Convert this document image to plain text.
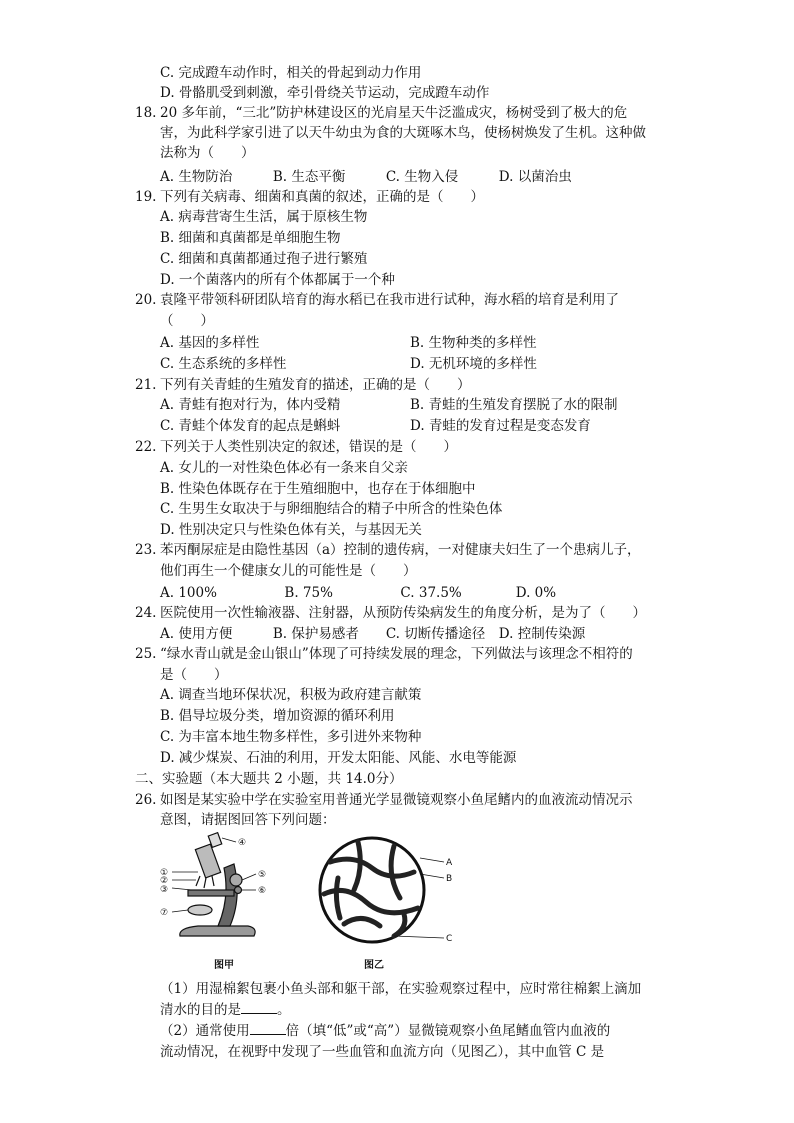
C. 完成蹬车动作时，相关的骨起到动力作用
D. 骨骼肌受到刺激，牵引骨绕关节运动，完成蹬车动作
20 多年前，“三北”防护林建设区的光肩星天牛泛滥成灾，杨树受到了极大的危
18.
害，为此科学家引进了以天牛幼虫为食的大斑啄木鸟，使杨树焕发了生机。这种做
法称为（　　）
A. 生物防治　　　B. 生态平衡　　　C. 生物入侵　　　D. 以菌治虫
下列有关病毒、细菌和真菌的叙述，正确的是（　　）
19.
A. 病毒营寄生生活，属于原核生物
B. 细菌和真菌都是单细胞生物
C. 细菌和真菌都通过孢子进行繁殖
D. 一个菌落内的所有个体都属于一个种
袁隆平带领科研团队培育的海水稻已在我市进行试种，海水稻的培育是利用了
20.
（　　）
A. 基因的多样性	B. 生物种类的多样性
C. 生态系统的多样性	D. 无机环境的多样性
下列有关青蛙的生殖发育的描述，正确的是（　　）
21.
A. 青蛙有抱对行为，体内受精	B. 青蛙的生殖发育摆脱了水的限制
C. 青蛙个体发育的起点是蝌蚪	D. 青蛙的发育过程是变态发育
下列关于人类性别决定的叙述，错误的是（　　）
22.
A. 女儿的一对性染色体必有一条来自父亲
B. 性染色体既存在于生殖细胞中，也存在于体细胞中
C. 生男生女取决于与卵细胞结合的精子中所含的性染色体
D. 性别决定只与性染色体有关，与基因无关
苯丙酮尿症是由隐性基因（a）控制的遗传病，一对健康夫妇生了一个患病儿子，
23.
他们再生一个健康女儿的可能性是（　　）
A. 100%　　　　　B. 75%　　　　　C. 37.5%　　　　D. 0%
医院使用一次性输液器、注射器，从预防传染病发生的角度分析，是为了（　　）
24.
A. 使用方便　　　B. 保护易感者　　C. 切断传播途径　D. 控制传染源
“绿水青山就是金山银山”体现了可持续发展的理念，下列做法与该理念不相符的
25.
是（　　）
A. 调查当地环保状况，积极为政府建言献策
B. 倡导垃圾分类，增加资源的循环利用
C. 为丰富本地生物多样性，多引进外来物种
D. 减少煤炭、石油的利用，开发太阳能、风能、水电等能源
二、实验题（本大题共 2 小题，共 14.0分）
如图是某实验中学在实验室用普通光学显微镜观察小鱼尾鳍内的血液流动情况示
26.
意图，请据图回答下列问题：
①
②
③
④
⑤
⑥
⑦
A
B
C
图甲	图乙
（1）用湿棉絮包裹小鱼头部和躯干部，在实验观察过程中，应时常往棉絮上滴加
清水的目的是	。
（2）通常使用	倍（填“低”或“高”）显微镜观察小鱼尾鳍血管内血液的
流动情况，在视野中发现了一些血管和血流方向（见图乙），其中血管 C 是
